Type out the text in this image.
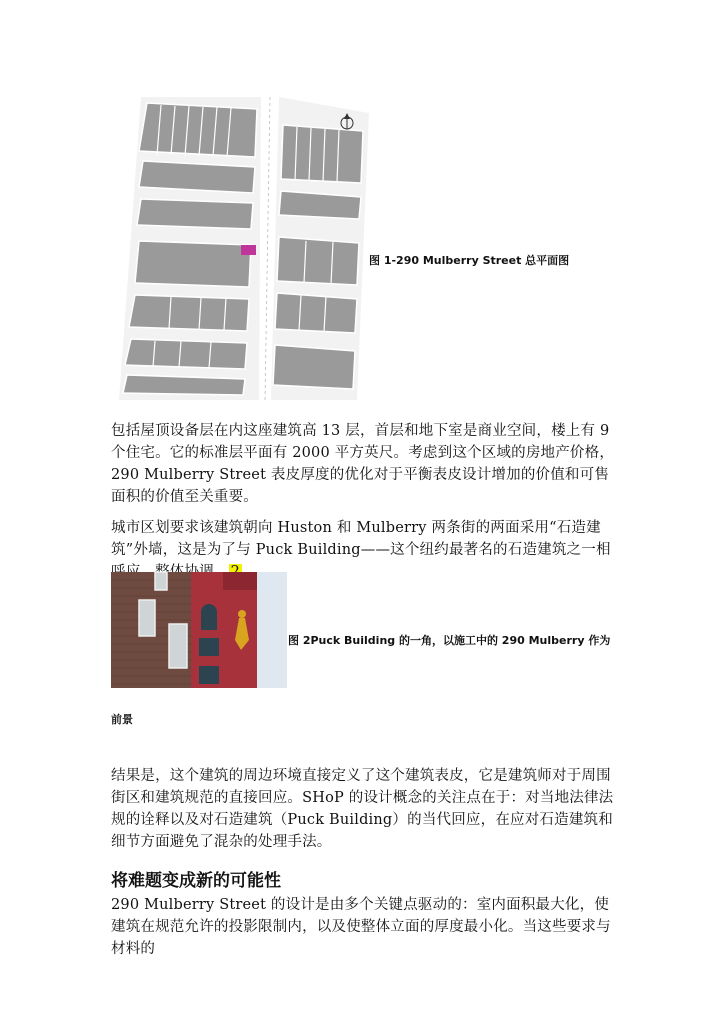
图 1-290 Mulberry Street 总平面图

包括屋顶设备层在内这座建筑高 13 层，首层和地下室是商业空间，楼上有 9 个住宅。它的标准层平面有 2000 平方英尺。考虑到这个区域的房地产价格，290 Mulberry Street 表皮厚度的优化对于平衡表皮设计增加的价值和可售面积的价值至关重要。

城市区划要求该建筑朝向 Huston 和 Mulberry 两条街的两面采用“石造建筑”外墙，这是为了与 Puck Building——这个纽约最著名的石造建筑之一相

图 2Puck Building 的一角，以施工中的 290 Mulberry 作为
前景

结果是，这个建筑的周边环境直接定义了这个建筑表皮，它是建筑师对于周围街区和建筑规范的直接回应。SHoP 的设计概念的关注点在于：对当地法律法规的诠释以及对石造建筑（Puck Building）的当代回应，在应对石造建筑和细节方面避免了混杂的处理手法。

将难题变成新的可能性

290 Mulberry Street 的设计是由多个关键点驱动的：室内面积最大化，使建筑在规范允许的投影限制内，以及使整体立面的厚度最小化。当这些要求与材料的
